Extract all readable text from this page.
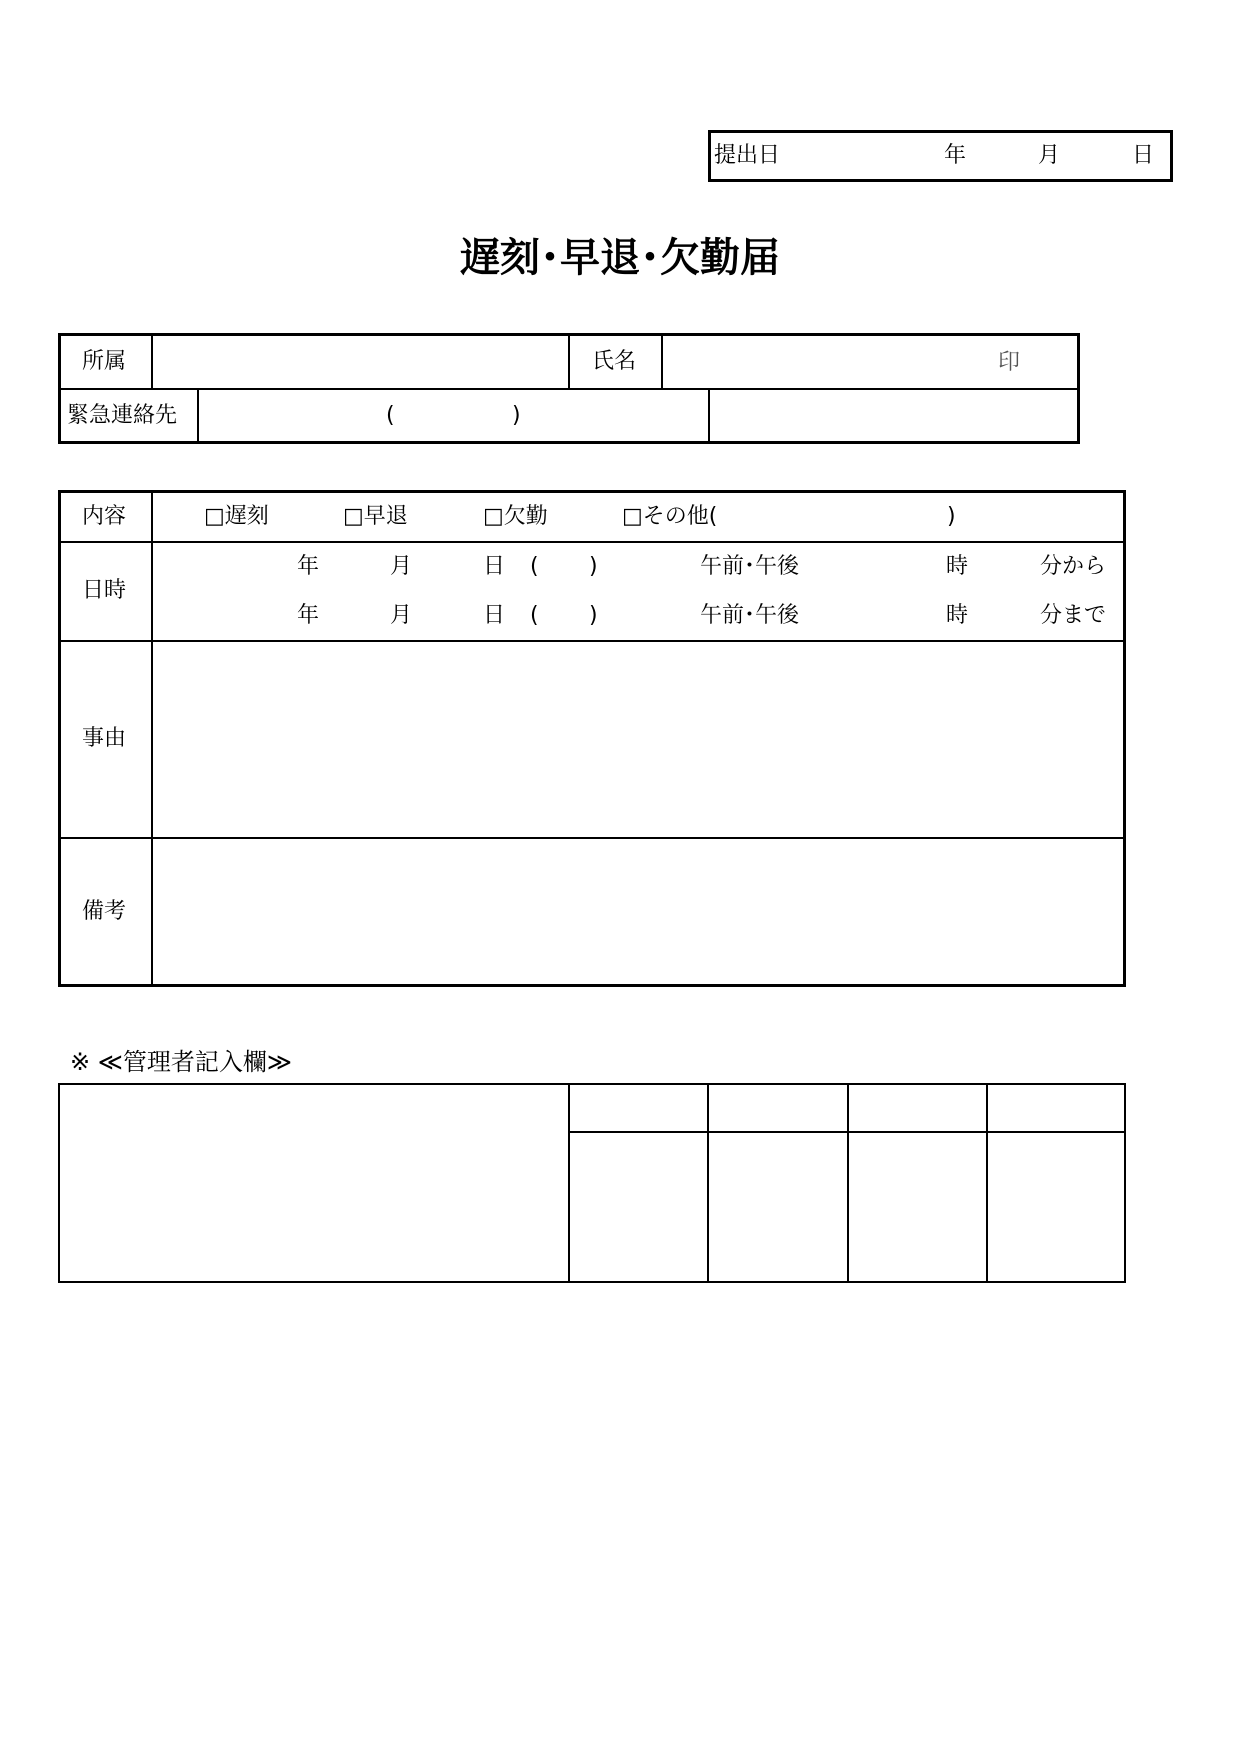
提出日	年	月	日
遅刻･早退･欠勤届
所属	氏名	印
緊急連絡先	(	)
内容	□遅刻	□早退	□欠勤	□その他(	)
日時
年	月	日 ( )	午前･午後	時	分から
年	月	日 ( )	午前･午後	時	分まで
事由
備考
※ ≪管理者記入欄≫
